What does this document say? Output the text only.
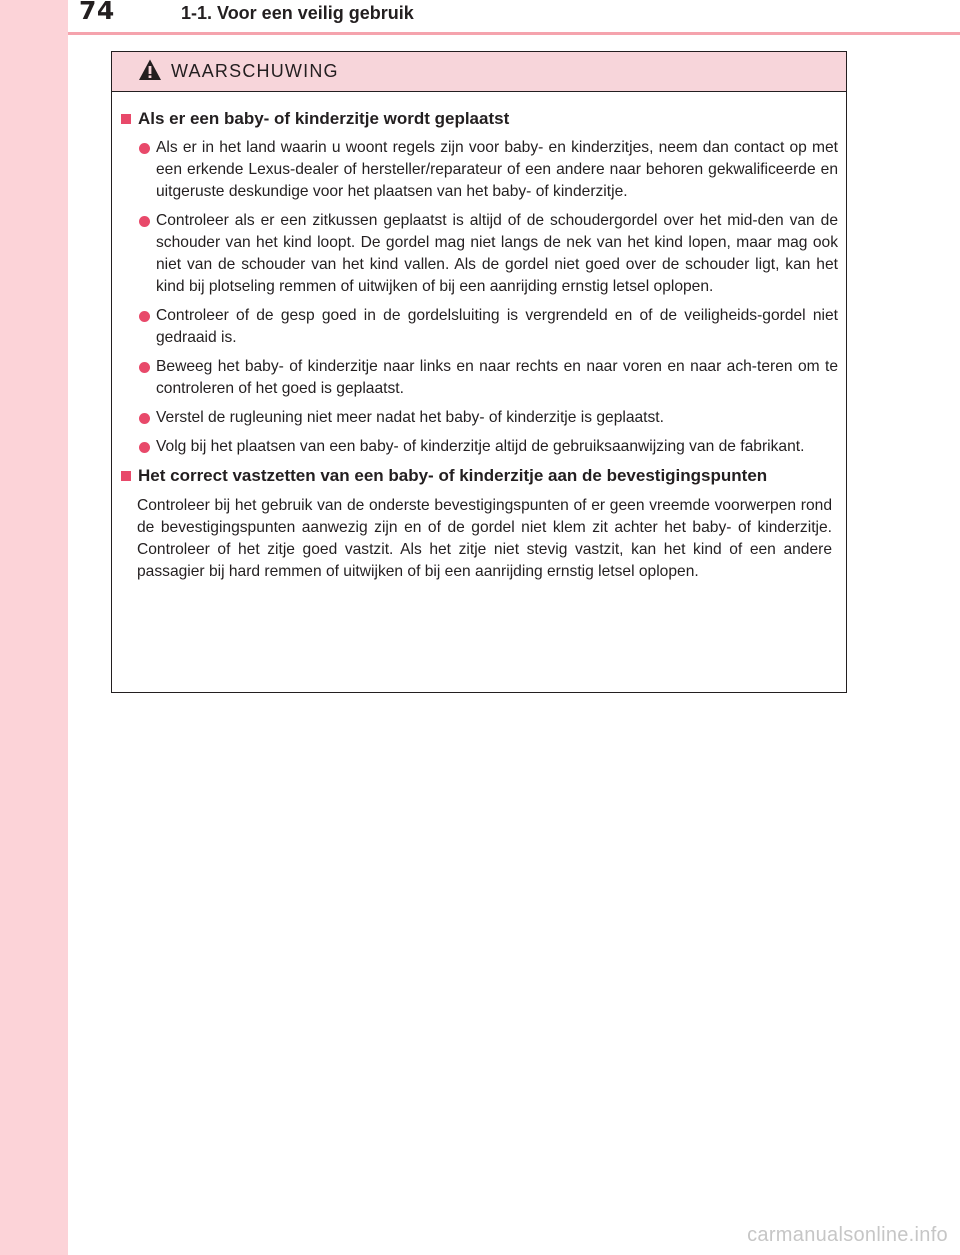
74	1-1. Voor een veilig gebruik
WAARSCHUWING
Als er een baby- of kinderzitje wordt geplaatst
Als er in het land waarin u woont regels zijn voor baby- en kinderzitjes, neem dan contact op met een erkende Lexus-dealer of hersteller/reparateur of een andere naar behoren gekwalificeerde en uitgeruste deskundige voor het plaatsen van het baby- of kinderzitje.
Controleer als er een zitkussen geplaatst is altijd of de schoudergordel over het mid-den van de schouder van het kind loopt. De gordel mag niet langs de nek van het kind lopen, maar mag ook niet van de schouder van het kind vallen. Als de gordel niet goed over de schouder ligt, kan het kind bij plotseling remmen of uitwijken of bij een aanrijding ernstig letsel oplopen.
Controleer of de gesp goed in de gordelsluiting is vergrendeld en of de veiligheids-gordel niet gedraaid is.
Beweeg het baby- of kinderzitje naar links en naar rechts en naar voren en naar ach-teren om te controleren of het goed is geplaatst.
Verstel de rugleuning niet meer nadat het baby- of kinderzitje is geplaatst.
Volg bij het plaatsen van een baby- of kinderzitje altijd de gebruiksaanwijzing van de fabrikant.
Het correct vastzetten van een baby- of kinderzitje aan de bevestigingspunten
Controleer bij het gebruik van de onderste bevestigingspunten of er geen vreemde voorwerpen rond de bevestigingspunten aanwezig zijn en of de gordel niet klem zit achter het baby- of kinderzitje. Controleer of het zitje goed vastzit. Als het zitje niet stevig vastzit, kan het kind of een andere passagier bij hard remmen of uitwijken of bij een aanrijding ernstig letsel oplopen.
carmanualsonline.info
